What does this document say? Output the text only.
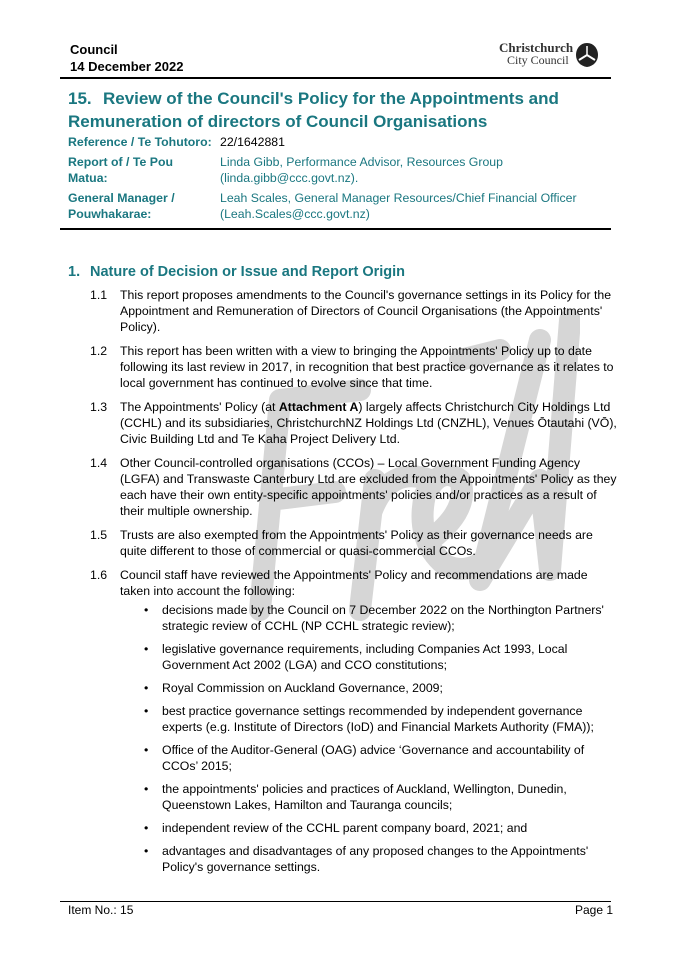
Council
14 December 2022
Christchurch
City Council
15. Review of the Council's Policy for the Appointments and Remuneration of directors of Council Organisations
Reference / Te Tohutoro: 22/1642881
Report of / Te Pou Matua:
Linda Gibb, Performance Advisor, Resources Group (linda.gibb@ccc.govt.nz).
General Manager / Pouwhakarae:
Leah Scales, General Manager Resources/Chief Financial Officer (Leah.Scales@ccc.govt.nz)
1. Nature of Decision or Issue and Report Origin
1.1	This report proposes amendments to the Council's governance settings in its Policy for the Appointment and Remuneration of Directors of Council Organisations (the Appointments' Policy).
1.2	This report has been written with a view to bringing the Appointments' Policy up to date following its last review in 2017, in recognition that best practice governance as it relates to local government has continued to evolve since that time.
1.3	The Appointments' Policy (at Attachment A) largely affects Christchurch City Holdings Ltd (CCHL) and its subsidiaries, ChristchurchNZ Holdings Ltd (CNZHL), Venues Ōtautahi (VŌ), Civic Building Ltd and Te Kaha Project Delivery Ltd.
1.4	Other Council-controlled organisations (CCOs) – Local Government Funding Agency (LGFA) and Transwaste Canterbury Ltd are excluded from the Appointments' Policy as they each have their own entity-specific appointments' policies and/or practices as a result of their multiple ownership.
1.5	Trusts are also exempted from the Appointments' Policy as their governance needs are quite different to those of commercial or quasi-commercial CCOs.
1.6	Council staff have reviewed the Appointments' Policy and recommendations are made taken into account the following:
• decisions made by the Council on 7 December 2022 on the Northington Partners' strategic review of CCHL (NP CCHL strategic review);
• legislative governance requirements, including Companies Act 1993, Local Government Act 2002 (LGA) and CCO constitutions;
• Royal Commission on Auckland Governance, 2009;
• best practice governance settings recommended by independent governance experts (e.g. Institute of Directors (IoD) and Financial Markets Authority (FMA));
• Office of the Auditor-General (OAG) advice ‘Governance and accountability of CCOs’ 2015;
• the appointments' policies and practices of Auckland, Wellington, Dunedin, Queenstown Lakes, Hamilton and Tauranga councils;
• independent review of the CCHL parent company board, 2021; and
• advantages and disadvantages of any proposed changes to the Appointments' Policy's governance settings.
Item No.: 15	Page 1
